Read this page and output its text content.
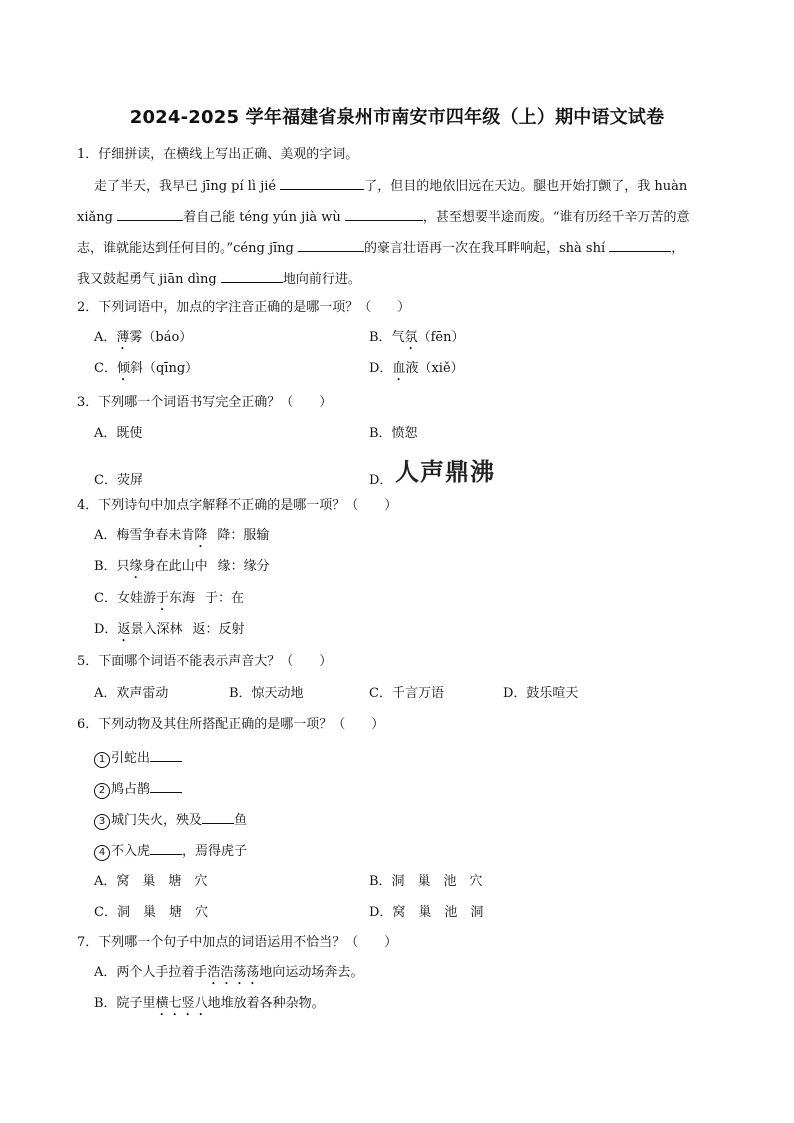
2024-2025 学年福建省泉州市南安市四年级（上）期中语文试卷
1．仔细拼读，在横线上写出正确、美观的字词。
走了半天，我早已 jīng pí lì jié	了，但目的地依旧远在天边。腿也开始打颤了，我 huàn
xiǎng	着自己能 téng yún jià wù	，甚至想要半途而废。“谁有历经千辛万苦的意
志，谁就能达到任何目的。”céng jīng	的豪言壮语再一次在我耳畔响起，shà shí	，
我又鼓起勇气 jiān dìng	地向前行进。
2．下列词语中，加点的字注音正确的是哪一项？（　　）
A．薄雾（báo）	B．气氛（fēn）
C．倾斜（qīng）	D．血液（xiě）
3．下列哪一个词语书写完全正确？（　　）
A．既使	B．愤恕
C．荧屏	D． 人声鼎沸
4．下列诗句中加点字解释不正确的是哪一项？（　　）
A．梅雪争春未肯降 降：服输
B．只缘身在此山中 缘：缘分
C．女娃游于东海 于：在
D．返景入深林 返：反射
5．下面哪个词语不能表示声音大？（　　）
A．欢声雷动	B．惊天动地	C．千言万语	D．鼓乐喧天
6．下列动物及其住所搭配正确的是哪一项？（　　）
1 引蛇出
2 鸠占鹊
3 城门失火，殃及 鱼
4 不入虎 ，焉得虎子
A．窝　巢　塘　穴	B．洞　巢　池　穴
C．洞　巢　塘　穴	D．窝　巢　池　洞
7．下列哪一个句子中加点的词语运用不恰当？（　　）
A．两个人手拉着手浩浩荡荡地向运动场奔去。
B．院子里横七竖八地堆放着各种杂物。
